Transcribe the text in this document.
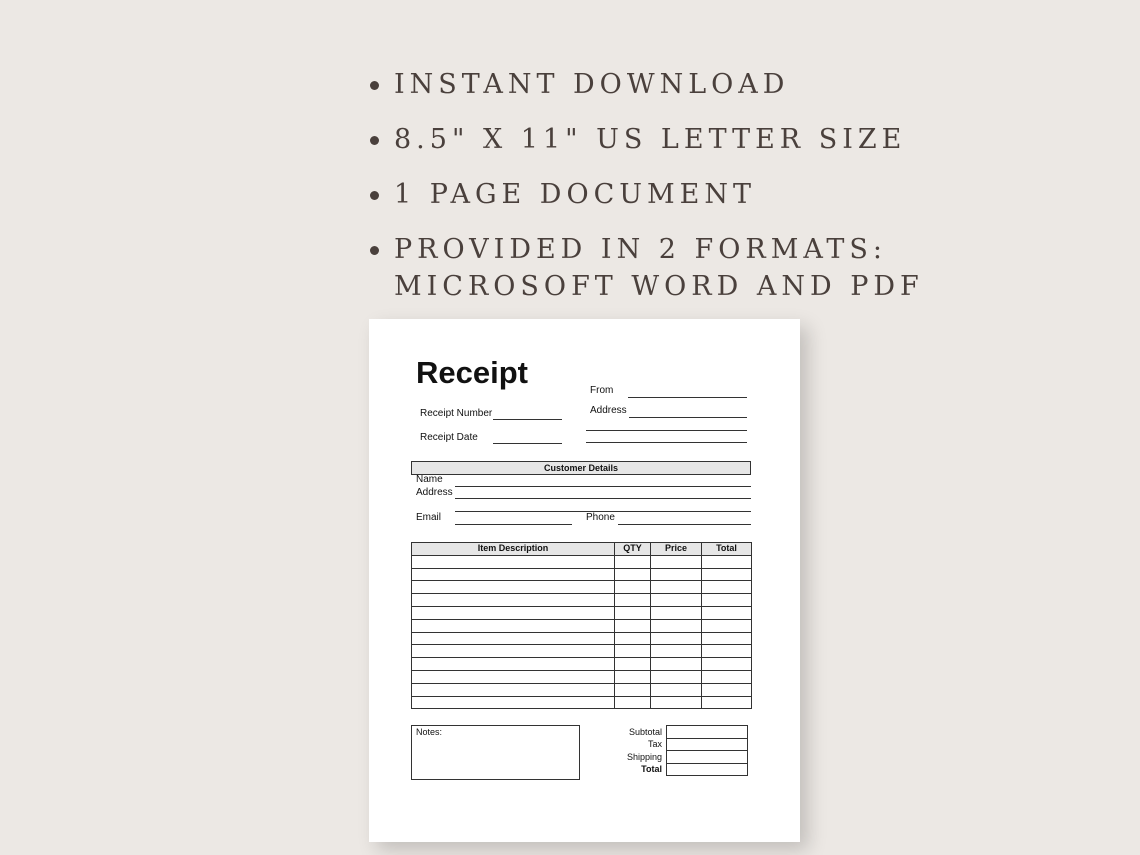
INSTANT DOWNLOAD
8.5" X 11" US LETTER SIZE
1 PAGE DOCUMENT
PROVIDED IN 2 FORMATS:
MICROSOFT WORD AND PDF
Receipt
Receipt Number
Receipt Date
From
Address
Customer Details
Name
Address
Email	Phone
Item Description	QTY	Price	Total

Notes:	Subtotal	
Tax	
Shipping	
Total	
